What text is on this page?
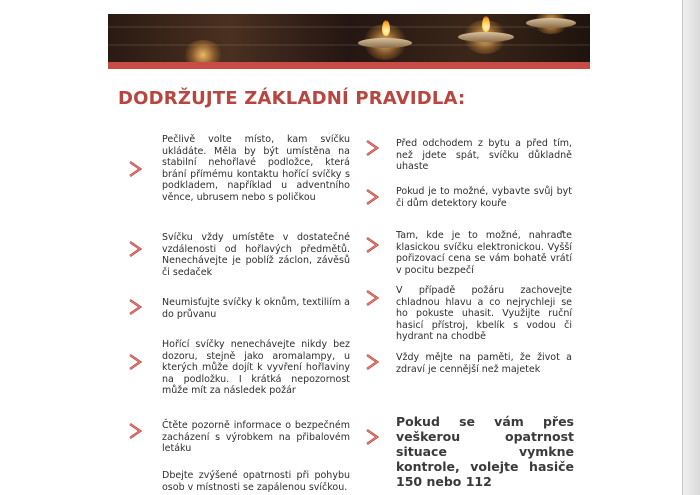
DODRŽUJTE ZÁKLADNÍ PRAVIDLA:
Pečlivě volte místo, kam svíčku ukládáte. Měla by být umístěna na stabilní nehořlavé podložce, která brání přímému kontaktu hořící svíčky s podkladem, například u adventního věnce, ubrusem nebo s poličkou
Svíčku vždy umístěte v dostatečné vzdálenosti od hořlavých předmětů. Nenechávejte je poblíž záclon, závěsů či sedaček
Neumisťujte svíčky k oknům, textiliím a do průvanu
Hořící svíčky nenechávejte nikdy bez dozoru, stejně jako aromalampy, u kterých může dojít k vyvření hořlaviny na podložku. I krátká nepozornost může mít za následek požár
Čtěte pozorně informace o bezpečném zacházení s výrobkem na přibalovém letáku
Dbejte zvýšené opatrnosti při pohybu osob v místnosti se zapálenou svíčkou.
Před odchodem z bytu a před tím, než jdete spát, svíčku důkladně uhaste
Pokud je to možné, vybavte svůj byt či dům detektory kouře
Tam, kde je to možné, nahraďte klasickou svíčku elektronickou. Vyšší pořizovací cena se vám bohatě vrátí v pocitu bezpečí
V případě požáru zachovejte chladnou hlavu a co nejrychleji se ho pokuste uhasit. Využijte ruční hasicí přístroj, kbelík s vodou či hydrant na chodbě
Vždy mějte na paměti, že život a zdraví je cennější než majetek
Pokud se vám přes veškerou opatrnost situace vymkne kontrole, volejte hasiče 150 nebo 112
